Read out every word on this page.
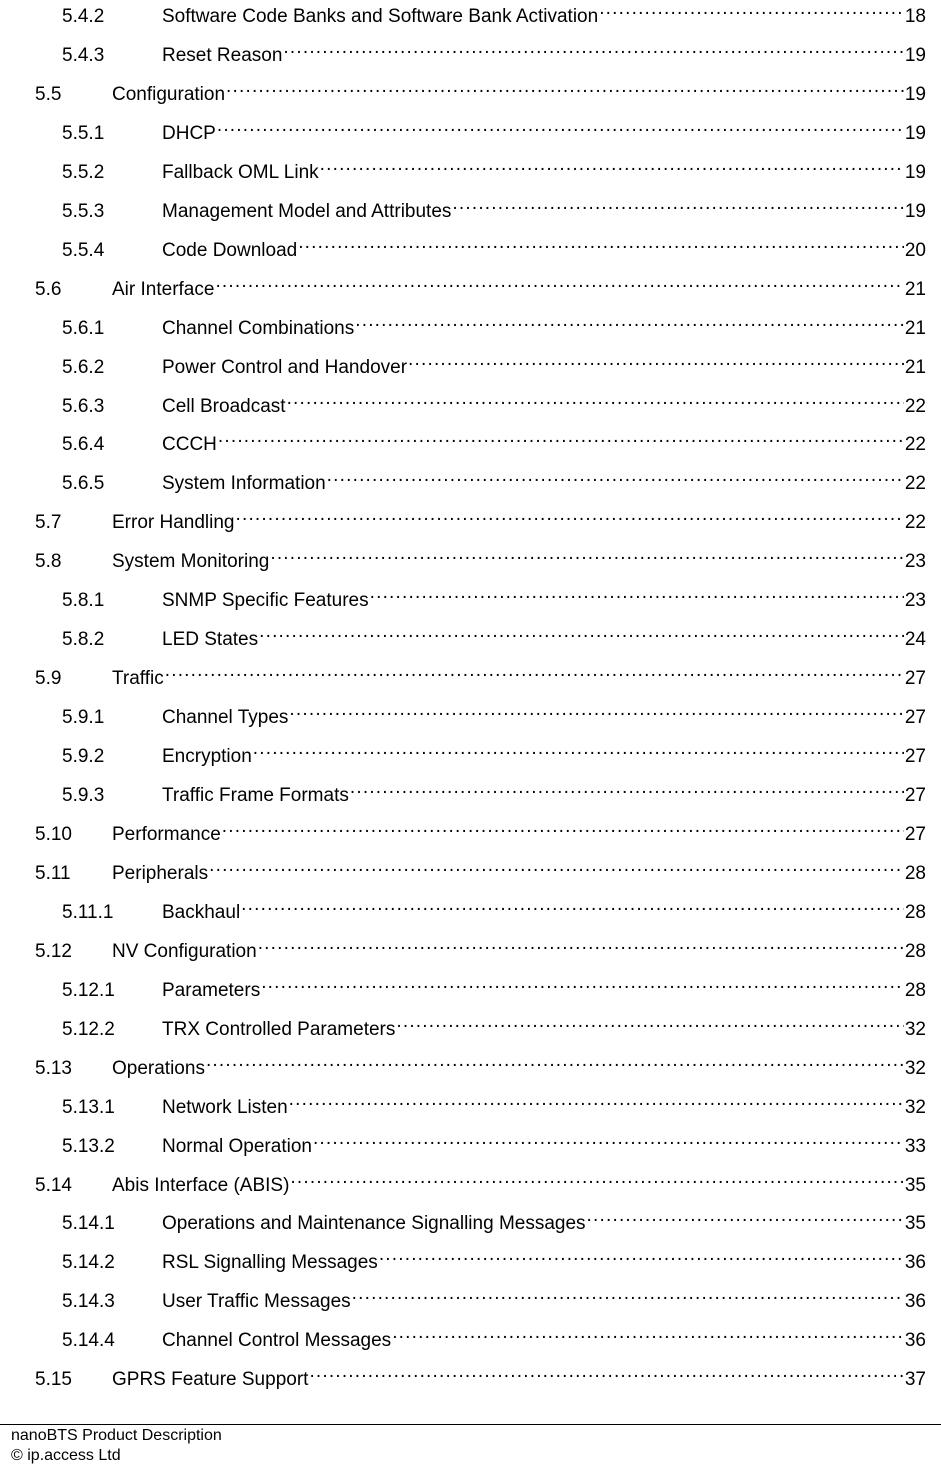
5.4.2	Software Code Banks and Software Bank Activation .....	18
5.4.3	Reset Reason .....	19
5.5	Configuration .....	19
5.5.1	DHCP .....	19
5.5.2	Fallback OML Link .....	19
5.5.3	Management Model and Attributes .....	19
5.5.4	Code Download .....	20
5.6	Air Interface .....	21
5.6.1	Channel Combinations .....	21
5.6.2	Power Control and Handover .....	21
5.6.3	Cell Broadcast .....	22
5.6.4	CCCH .....	22
5.6.5	System Information .....	22
5.7	Error Handling .....	22
5.8	System Monitoring .....	23
5.8.1	SNMP Specific Features .....	23
5.8.2	LED States .....	24
5.9	Traffic .....	27
5.9.1	Channel Types .....	27
5.9.2	Encryption .....	27
5.9.3	Traffic Frame Formats .....	27
5.10	Performance .....	27
5.11	Peripherals .....	28
5.11.1	Backhaul .....	28
5.12	NV Configuration .....	28
5.12.1	Parameters .....	28
5.12.2	TRX Controlled Parameters .....	32
5.13	Operations .....	32
5.13.1	Network Listen .....	32
5.13.2	Normal Operation .....	33
5.14	Abis Interface (ABIS) .....	35
5.14.1	Operations and Maintenance Signalling Messages .....	35
5.14.2	RSL Signalling Messages .....	36
5.14.3	User Traffic Messages .....	36
5.14.4	Channel Control Messages .....	36
5.15	GPRS Feature Support .....	37
nanoBTS Product Description
© ip.access Ltd
